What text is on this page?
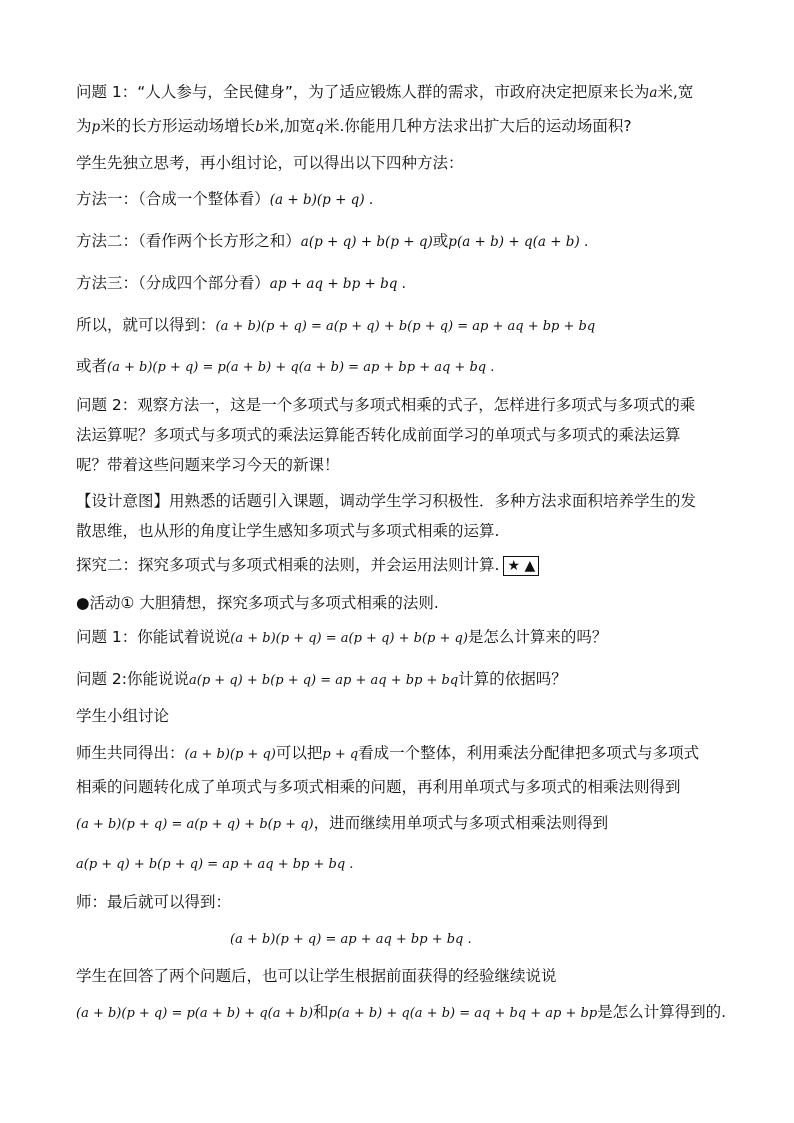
问题 1：“人人参与，全民健身”，为了适应锻炼人群的需求，市政府决定把原来长为a米,宽
为p米的长方形运动场增长b米,加宽q米.你能用几种方法求出扩大后的运动场面积?
学生先独立思考，再小组讨论，可以得出以下四种方法：
方法一：（合成一个整体看）(a + b)(p + q) .
方法二：（看作两个长方形之和）a(p + q) + b(p + q)或p(a + b) + q(a + b) .
方法三：（分成四个部分看）ap + aq + bp + bq .
所以，就可以得到：(a + b)(p + q) = a(p + q) + b(p + q) = ap + aq + bp + bq
或者(a + b)(p + q) = p(a + b) + q(a + b) = ap + bp + aq + bq .
问题 2：观察方法一，这是一个多项式与多项式相乘的式子，怎样进行多项式与多项式的乘
法运算呢？多项式与多项式的乘法运算能否转化成前面学习的单项式与多项式的乘法运算
呢？带着这些问题来学习今天的新课！
【设计意图】用熟悉的话题引入课题，调动学生学习积极性．多种方法求面积培养学生的发
散思维，也从形的角度让学生感知多项式与多项式相乘的运算.
探究二：探究多项式与多项式相乘的法则，并会运用法则计算. ★ ▲
●活动① 大胆猜想，探究多项式与多项式相乘的法则.
问题 1：你能试着说说(a + b)(p + q) = a(p + q) + b(p + q)是怎么计算来的吗？
问题 2:你能说说a(p + q) + b(p + q) = ap + aq + bp + bq计算的依据吗？
学生小组讨论
师生共同得出：(a + b)(p + q)可以把p + q看成一个整体，利用乘法分配律把多项式与多项式
相乘的问题转化成了单项式与多项式相乘的问题，再利用单项式与多项式的相乘法则得到
(a + b)(p + q) = a(p + q) + b(p + q)，进而继续用单项式与多项式相乘法则得到
a(p + q) + b(p + q) = ap + aq + bp + bq .
师：最后就可以得到：
(a + b)(p + q) = ap + aq + bp + bq .
学生在回答了两个问题后，也可以让学生根据前面获得的经验继续说说
(a + b)(p + q) = p(a + b) + q(a + b)和p(a + b) + q(a + b) = aq + bq + ap + bp是怎么计算得到的.
